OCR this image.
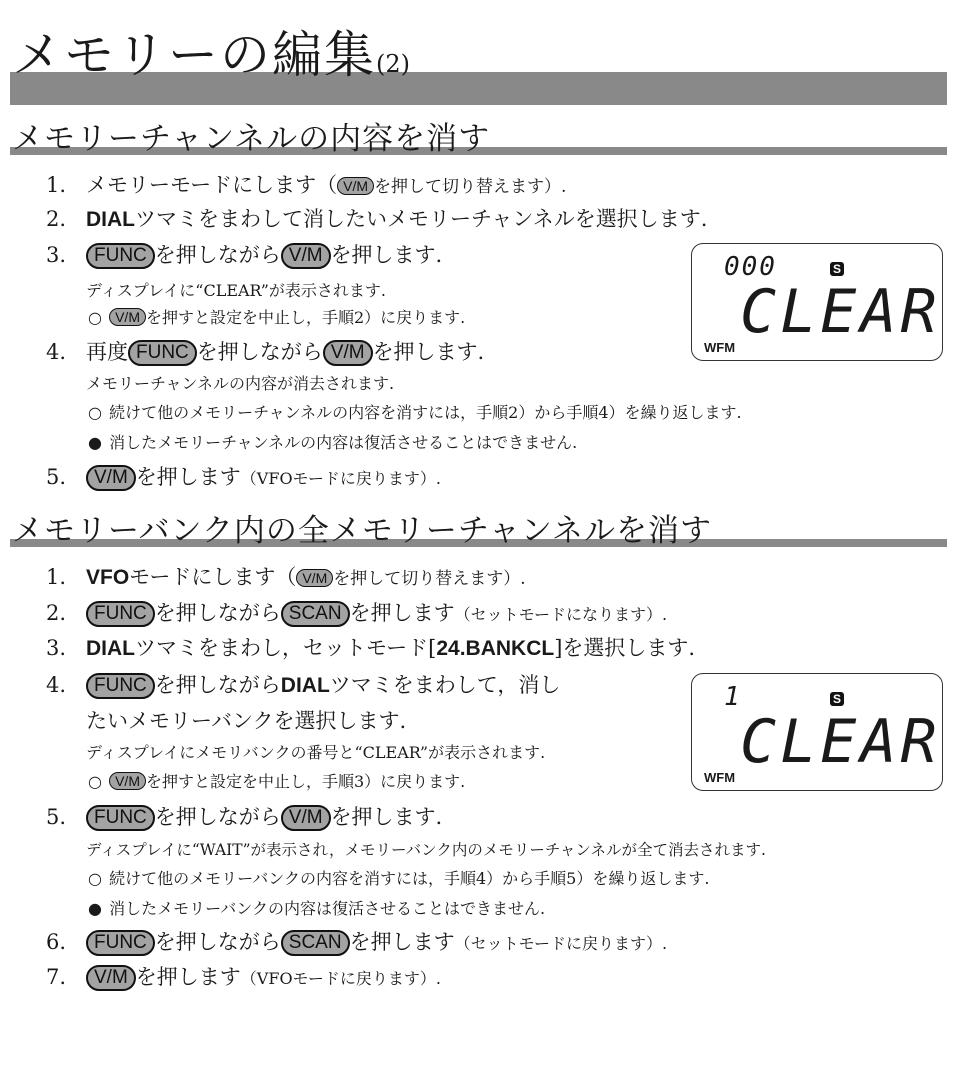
メモリーの編集(2)
メモリーチャンネルの内容を消す
1. メモリーモードにします（ V/M を押して切り替えます）.
2. DIALツマミをまわして消したいメモリーチャンネルを選択します.
3. FUNC を押しながら V/M を押します.
ディスプレイに“CLEAR”が表示されます.
○ V/M を押すと設定を中止し，手順2）に戻ります.
4. 再度 FUNC を押しながら V/M を押します.
メモリーチャンネルの内容が消去されます.
○ 続けて他のメモリーチャンネルの内容を消すには，手順2）から手順4）を繰り返します.
● 消したメモリーチャンネルの内容は復活させることはできません.
5. V/M を押します（VFOモードに戻ります）.
000	S
CLEAR
WFM
メモリーバンク内の全メモリーチャンネルを消す
1. VFOモードにします（ V/M を押して切り替えます）.
2. FUNC を押しながら SCAN を押します（セットモードになります）.
3. DIALツマミをまわし，セットモード[24.BANKCL]を選択します.
4. FUNC を押しながらDIALツマミをまわして，消し
たいメモリーバンクを選択します.
ディスプレイにメモリバンクの番号と“CLEAR”が表示されます.
○ V/M を押すと設定を中止し，手順3）に戻ります.
5. FUNC を押しながら V/M を押します.
ディスプレイに“WAIT”が表示され，メモリーバンク内のメモリーチャンネルが全て消去されます.
○ 続けて他のメモリーバンクの内容を消すには，手順4）から手順5）を繰り返します.
● 消したメモリーバンクの内容は復活させることはできません.
6. FUNC を押しながら SCAN を押します（セットモードに戻ります）.
7. V/M を押します（VFOモードに戻ります）.
1	S
CLEAR
WFM
